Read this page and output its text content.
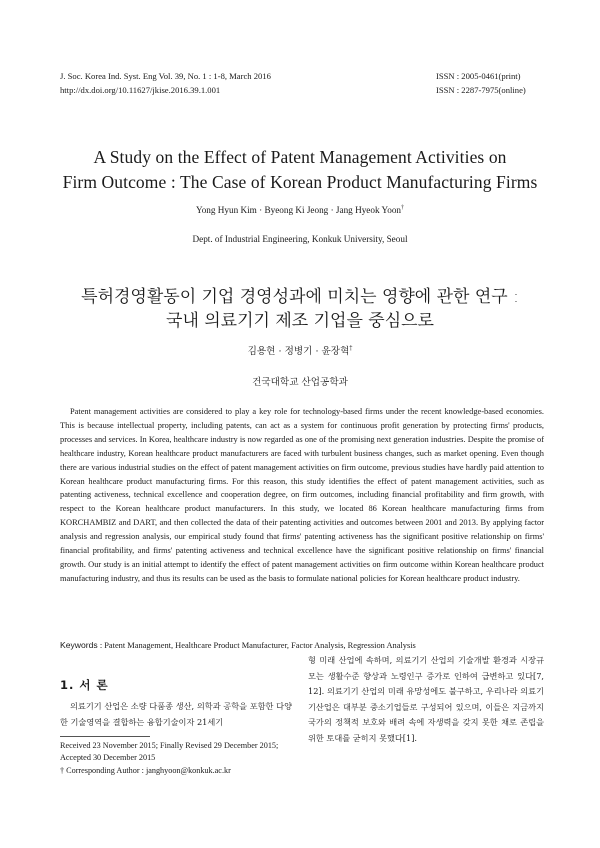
J. Soc. Korea Ind. Syst. Eng Vol. 39, No. 1 : 1-8, March 2016
http://dx.doi.org/10.11627/jkise.2016.39.1.001
ISSN : 2005-0461(print)
ISSN : 2287-7975(online)
A Study on the Effect of Patent Management Activities on
Firm Outcome : The Case of Korean Product Manufacturing Firms
Yong Hyun Kim · Byeong Ki Jeong · Jang Hyeok Yoon†
Dept. of Industrial Engineering, Konkuk University, Seoul
특허경영활동이 기업 경영성과에 미치는 영향에 관한 연구 :
국내 의료기기 제조 기업을 중심으로
김용현 · 정병기 · 윤장혁†
건국대학교 산업공학과
Patent management activities are considered to play a key role for technology-based firms under the recent knowledge-based economies. This is because intellectual property, including patents, can act as a system for continuous profit generation by protecting firms' products, processes and services. In Korea, healthcare industry is now regarded as one of the promising next generation industries. Despite the promise of healthcare industry, Korean healthcare product manufacturers are faced with turbulent business changes, such as market opening. Even though there are various industrial studies on the effect of patent management activities on firm outcome, previous studies have hardly paid attention to Korean healthcare product manufacturing firms. For this reason, this study identifies the effect of patent management activities, such as patenting activeness, technical excellence and cooperation degree, on firm outcomes, including financial profitability and firm growth, with respect to the Korean healthcare product manufacturers. In this study, we located 86 Korean healthcare manufacturing firms from KORCHAMBIZ and DART, and then collected the data of their patenting activities and outcomes between 2001 and 2013. By applying factor analysis and regression analysis, our empirical study found that firms' patenting activeness has the significant positive relationship on firms' financial profitability, and firms' patenting activeness and technical excellence have the significant positive relationship on firms' financial growth. Our study is an initial attempt to identify the effect of patent management activities on firm outcome within Korean healthcare product manufacturing industry, and thus its results can be used as the basis to formulate national policies for Korean healthcare product industry.
Keywords : Patent Management, Healthcare Product Manufacturer, Factor Analysis, Regression Analysis
1. 서 론
의료기기 산업은 소량 다품종 생산, 의학과 공학을 포함한 다양한 기술영역을 결합하는 융합기술이자 21세기
Received 23 November 2015; Finally Revised 29 December 2015;
Accepted 30 December 2015
† Corresponding Author : janghyoon@konkuk.ac.kr
형 미래 산업에 속하며, 의료기기 산업의 기술개발 환경과 시장규모는 생활수준 향상과 노령인구 증가로 인하여 급변하고 있다[7, 12]. 의료기기 산업의 미래 유망성에도 불구하고, 우리나라 의료기기산업은 대부분 중소기업들로 구성되어 있으며, 이들은 지금까지 국가의 정책적 보호와 배려 속에 자생력을 갖지 못한 채로 존립을 위한 토대를 굳히지 못했다[1].
